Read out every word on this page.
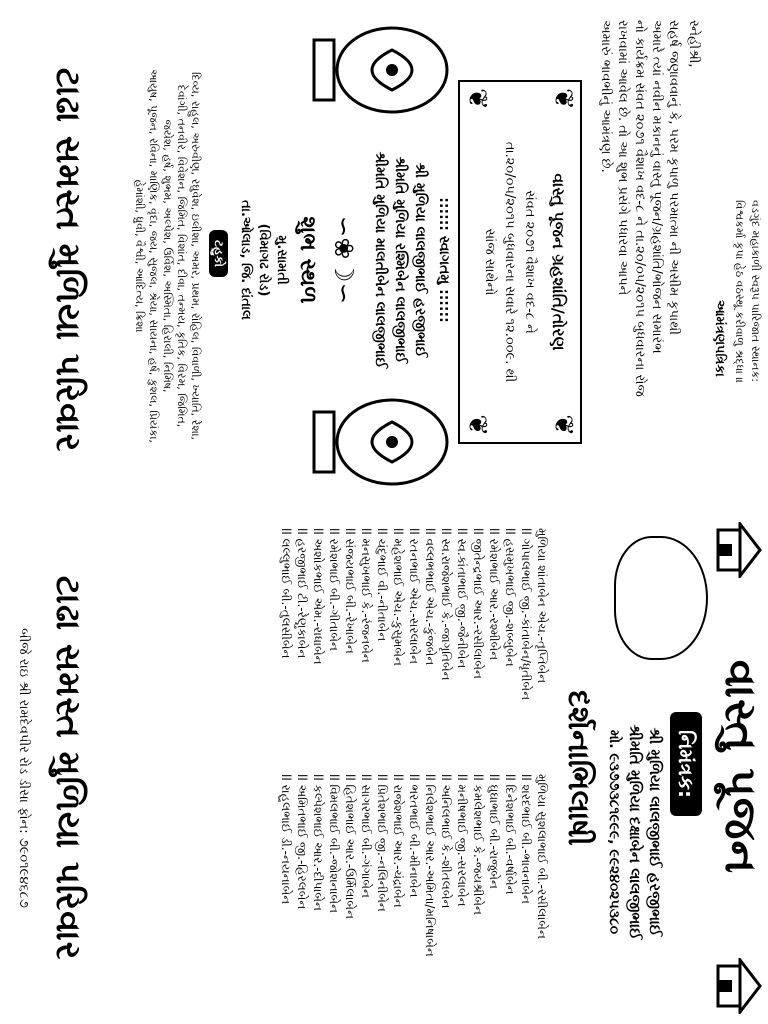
વડગુંદ મહાકાળી સ્વરૂપ પારિજાત સ્થાનક:
વિશ્વકર્મા કૃપા હેઠ વઠસ્થૂ કરીવાળુ શ્રદ્ધા ॥
આમંત્રણપત્રિકા
સ્નેહીશ્રી,
સહર્ષ જણાવવાનું કે, પરમ કૃપાળુ પરમાત્મા ની અસીમ કૃપાથી
અમારે ત્યાં નવીન મકાનનું વાસ્તુ પૂજન/ગ્રહશાંતિ/ભોજન સમારંભ
નો કાર્યક્રમ સંવત ૨૦૭૧ વૈશાખ વદ-૮ ને તા.૨૦/૦૫/૨૦૧૫ બુધવારના રોજ
રાખવામાં આવેલ છે. તો આ શુભ પ્રસંગે પધારવા આપને
અમારું ભાવભીનું આમંત્રણ છે.
❦
❦
❦
❦
વાસ્તુ પૂજન ગ્રહશાંતિ/તોરણ
સંવત ૨૦૭૧ વૈશાખ વદ-૮ ને
તા.૨૦/૦૫/૨૦૧૫ બુધવારના સવારે ૧૨.૦૦૯. થી
સાંજ સાથેનો
:::::: સ્વાગતમુ ::::::
શ્રી મુળિયા લાલજીભાઈ હરજીભાઈ
શ્રીમતિ મુળિયા રશ્મિબેન લાલજીભાઈ
શ્રીમતિ મુળિયા માલતીબેન લાલજીભાઈ
∽❀☽∽
શુભ સ્થળ
મુ.સામતી
(વિમાગઢ રોડ)
તા.ઓલાડ, જિ. દાંતાલ
ટહુકો
દિવ્ય, રાહુલ, અરુવીણ, રઘુવેશ, ઇલીશા, અમર, પ્રથમ, રોહિલ, વિવાળી, ખ્યાતિ, રેશા,
દેવાંગી, તનવીર, વિવેશન, જિમિત, વિશાંત, દીવા, તન્મય, કૃતિક, વિરમ, જિમિત,
જયેશ, હર્ષ, શુભમ, અલ્પેશ, ઉર્વિશ, અસ્મિતા, હિરાલી, નિમિષ,
આયુષ, પૂજન, રવિના, માણિક, વૃંદા, જય, સુજલ, શ્રેયા, સાયના, હર્ષ, કુશલ, પ્રિયંકા,
હેમાંશી, ધ્રુવી, વૈશ્વી, આદિત્ય, ક્રિશા
ટાઢા સમસ્ત મુળિયા પરિવાર
વાસ્તુ પૂજન
નિમંત્રક:
શ્રી મુળિયા લાલજીભાઈ હરજીભાઈ
શ્રીમતિ મુળિયા દક્ષાબેન લાલજીભાઈ
મો. ૯૩૭૭૩૮૧૯૯૯, ૯૯૨૪૦૨૫૩૮૦
દર્શનાભિલાષી
મુળિયા શાંતાબેન એચ.-તૃપ્તિબેન
ll ગોપાલભાઈ જી.-કાંતાબેન/ધૃતીબેન
ll હસમુખભાઈ જી.-શબ્બુબેન
ll રમેશભાઈ આર.-રશ્મીબેન
ll જીતેન્દ્રભાઈ આર.-રસીલાબેન
ll સ્વ.કાંતાભાઈ જી.-જૈનીબેન
ll સ્વ.રાજેશભાઈ કે.-જાગૃતિબેન
ll વલ્લભભાઈ એચ.-કુંજબેન
ll રતનભાઈ એચ.-સરલાબેન
ll મહેશભાઈ એચ.-કુસુમબેન
ll ચંદુભાઈ વી.-નીતાબેન
ll મનસુખભાઈ કે.-રંજનબેન
ll સંજયભાઈ બી.-રેખાબેન
ll રમેશભાઈ બી.-ગીતાબેન
ll અશોકભાઈ એમ.-રાધાબેન
ll હરજીભાઈ ટી.-રેણુકાબેન
ll લલ્લુભાઈ બી.-તુલસીબેન
મુળિયા સુશલાભાઈ બી.-રસીલાબેન
ll શરદભાઈ બી.-ભાવનાબેન
ll દિનેશભાઈ બી.-વર્ષાબેન
ll ઘુઘાભાઈ બી.-રાજુબેન
ll કમલેશભાઈ કે.-જયશ્રીબેન
ll મનીષભાઈ જી.-સરલાબેન
ll અનિલભાઈ કે.-શીતલબેન
ll નિલેશભાઈ આર.-અમિતા/મનિષાબેન
ll ભરતભાઈ બી.-મીનાબેન
ll રાજેશભાઈ આર.-ચંદ્રાબેન
ll પ્રિતેશભાઈ જી.-નલિનીબેન
ll સાગરભાઈ બી.-ગંગાબેન
ll હિતેશભાઈ આર.-ઉર્મિલાબેન
ll વિમલભાઈ બી.-જોશનાબેન
ll કલ્પેશભાઈ આર.-દીપાબેન
ll અમિતભાઈ જી.-હિરલબેન
ll રાહુલભાઈ ડી.-નયનાબેન
ટાઢા સમસ્ત મુળિયા પરિવાર
બીજે રાઇ શ્રી રામદેવપીર રોડ ડીસા ફોન: ૭૯૦૧૯૪૬૮૭
